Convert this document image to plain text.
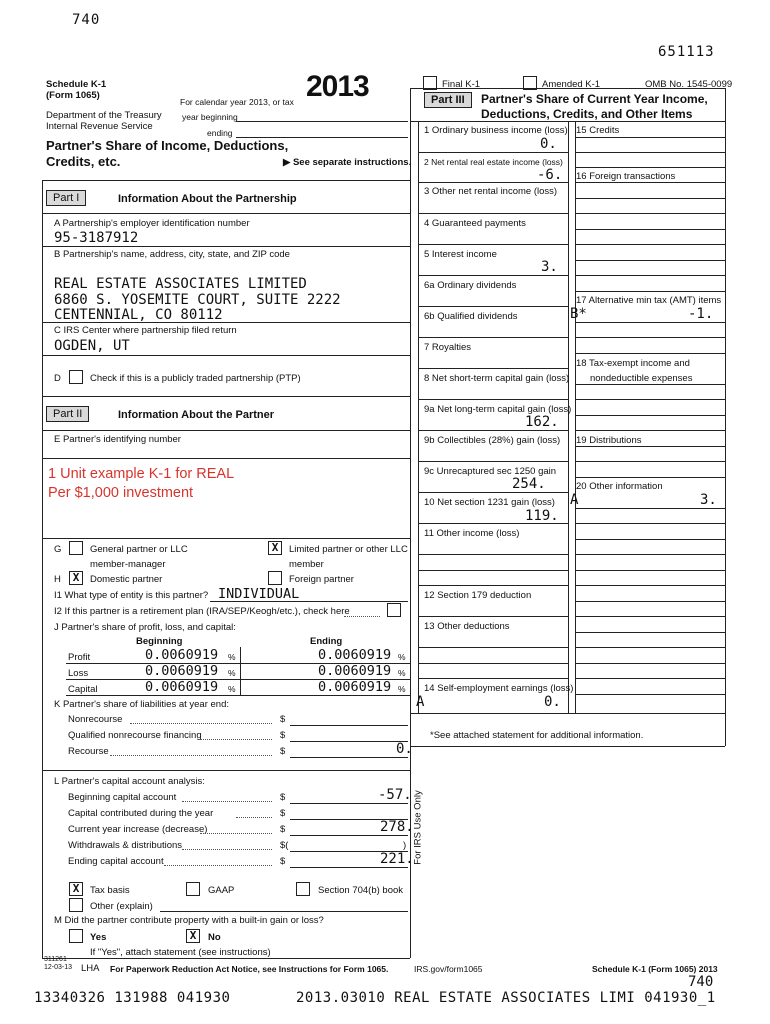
740
651113
Schedule K-1
(Form 1065)
Department of the Treasury
Internal Revenue Service
2013
For calendar year 2013, or tax
year beginning
ending
Partner's Share of Income, Deductions,
Credits, etc.	▶ See separate instructions.
Final K-1	Amended K-1	OMB No. 1545-0099
Part I	Information About the Partnership
A Partnership's employer identification number
95-3187912
B Partnership's name, address, city, state, and ZIP code
REAL ESTATE ASSOCIATES LIMITED
6860 S. YOSEMITE COURT, SUITE 2222
CENTENNIAL, CO 80112
C IRS Center where partnership filed return
OGDEN, UT
D	Check if this is a publicly traded partnership (PTP)
Part II	Information About the Partner
E Partner's identifying number
1 Unit example K-1 for REAL
Per $1,000 investment
G	General partner or LLC
member-manager
X	Limited partner or other LLC
member
H	X	Domestic partner	Foreign partner
I1 What type of entity is this partner? INDIVIDUAL
I2 If this partner is a retirement plan (IRA/SEP/Keogh/etc.), check here
J Partner's share of profit, loss, and capital:
Beginning	Ending
Profit	0.0060919 %	0.0060919 %
Loss	0.0060919 %	0.0060919 %
Capital	0.0060919 %	0.0060919 %
K Partner's share of liabilities at year end:
Nonrecourse	$
Qualified nonrecourse financing	$
Recourse	$	0.
L Partner's capital account analysis:
Beginning capital account	$	-57.
Capital contributed during the year	$
Current year increase (decrease)	$	278.
Withdrawals & distributions	$(	)
Ending capital account	$	221.
X	Tax basis	GAAP	Section 704(b) book
Other (explain)
M Did the partner contribute property with a built-in gain or loss?
Yes	X	No
If "Yes", attach statement (see instructions)
Part III	Partner's Share of Current Year Income,
Deductions, Credits, and Other Items
1 Ordinary business income (loss)
0.
2 Net rental real estate income (loss)
-6.
3 Other net rental income (loss)
4 Guaranteed payments
5 Interest income
3.
6a Ordinary dividends
6b Qualified dividends
7 Royalties
8 Net short-term capital gain (loss)
9a Net long-term capital gain (loss)
162.
9b Collectibles (28%) gain (loss)
9c Unrecaptured sec 1250 gain
254.
10 Net section 1231 gain (loss)
119.
11 Other income (loss)
12 Section 179 deduction
13 Other deductions
14 Self-employment earnings (loss)
A	0.
15 Credits
16 Foreign transactions
17 Alternative min tax (AMT) items
B*	-1.
18 Tax-exempt income and
nondeductible expenses
19 Distributions
20 Other information
A	3.
*See attached statement for additional information.
For IRS Use Only
311261
12-03-13 LHA For Paperwork Reduction Act Notice, see Instructions for Form 1065.	IRS.gov/form1065	Schedule K-1 (Form 1065) 2013
740
13340326 131988 041930	2013.03010 REAL ESTATE ASSOCIATES LIMI 041930_1
